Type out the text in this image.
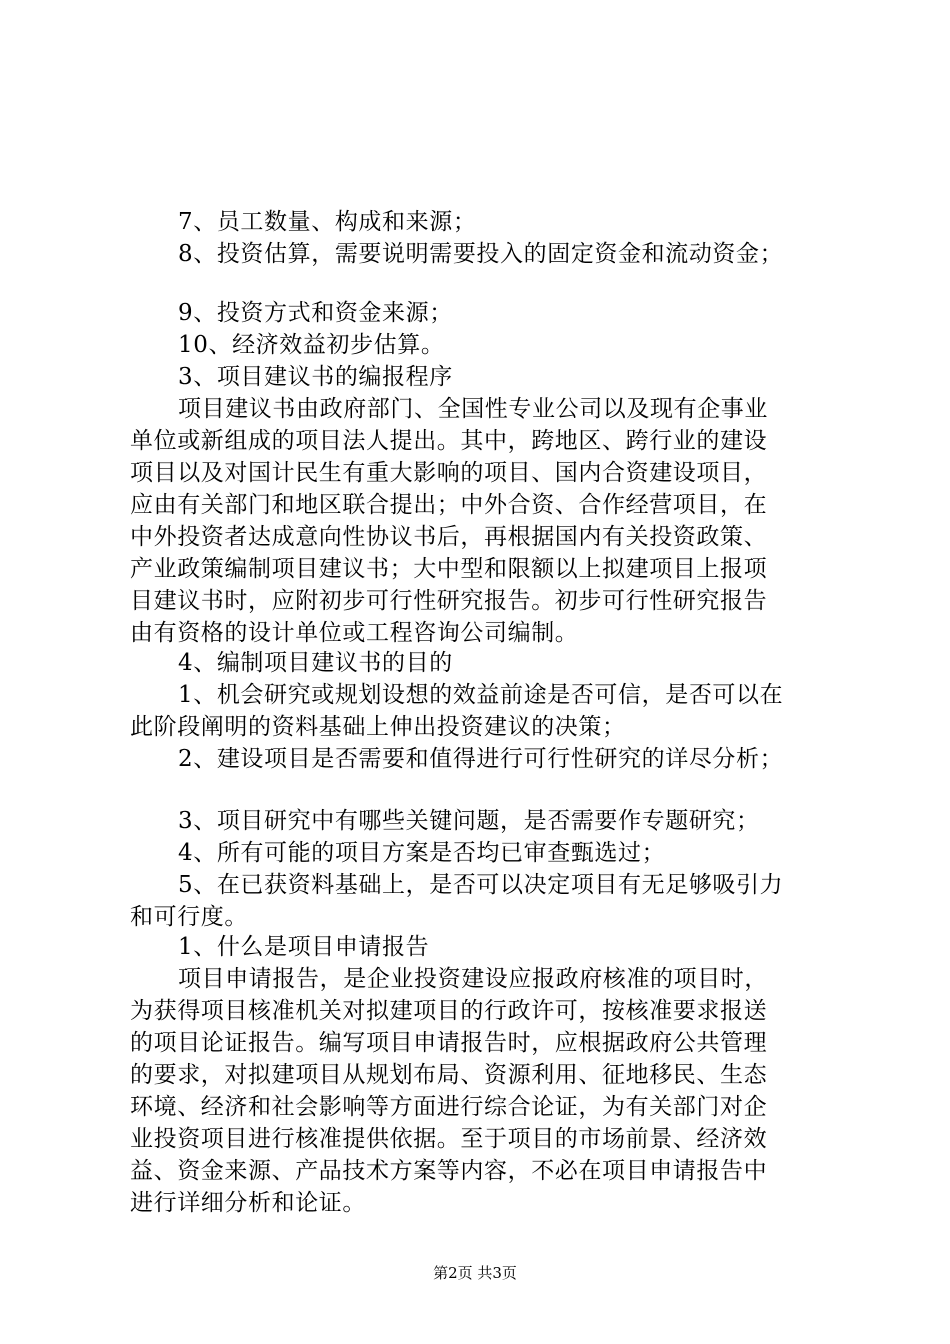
7、员工数量、构成和来源；
8、投资估算，需要说明需要投入的固定资金和流动资金；
9、投资方式和资金来源；
10、经济效益初步估算。
3、项目建议书的编报程序
项目建议书由政府部门、全国性专业公司以及现有企事业
单位或新组成的项目法人提出。其中，跨地区、跨行业的建设
项目以及对国计民生有重大影响的项目、国内合资建设项目，
应由有关部门和地区联合提出；中外合资、合作经营项目，在
中外投资者达成意向性协议书后，再根据国内有关投资政策、
产业政策编制项目建议书；大中型和限额以上拟建项目上报项
目建议书时，应附初步可行性研究报告。初步可行性研究报告
由有资格的设计单位或工程咨询公司编制。
4、编制项目建议书的目的
1、机会研究或规划设想的效益前途是否可信，是否可以在
此阶段阐明的资料基础上伸出投资建议的决策；
2、建设项目是否需要和值得进行可行性研究的详尽分析；
3、项目研究中有哪些关键问题，是否需要作专题研究；
4、所有可能的项目方案是否均已审查甄选过；
5、在已获资料基础上，是否可以决定项目有无足够吸引力
和可行度。
1、什么是项目申请报告
项目申请报告，是企业投资建设应报政府核准的项目时，
为获得项目核准机关对拟建项目的行政许可，按核准要求报送
的项目论证报告。编写项目申请报告时，应根据政府公共管理
的要求，对拟建项目从规划布局、资源利用、征地移民、生态
环境、经济和社会影响等方面进行综合论证，为有关部门对企
业投资项目进行核准提供依据。至于项目的市场前景、经济效
益、资金来源、产品技术方案等内容，不必在项目申请报告中
进行详细分析和论证。
第2页 共3页
